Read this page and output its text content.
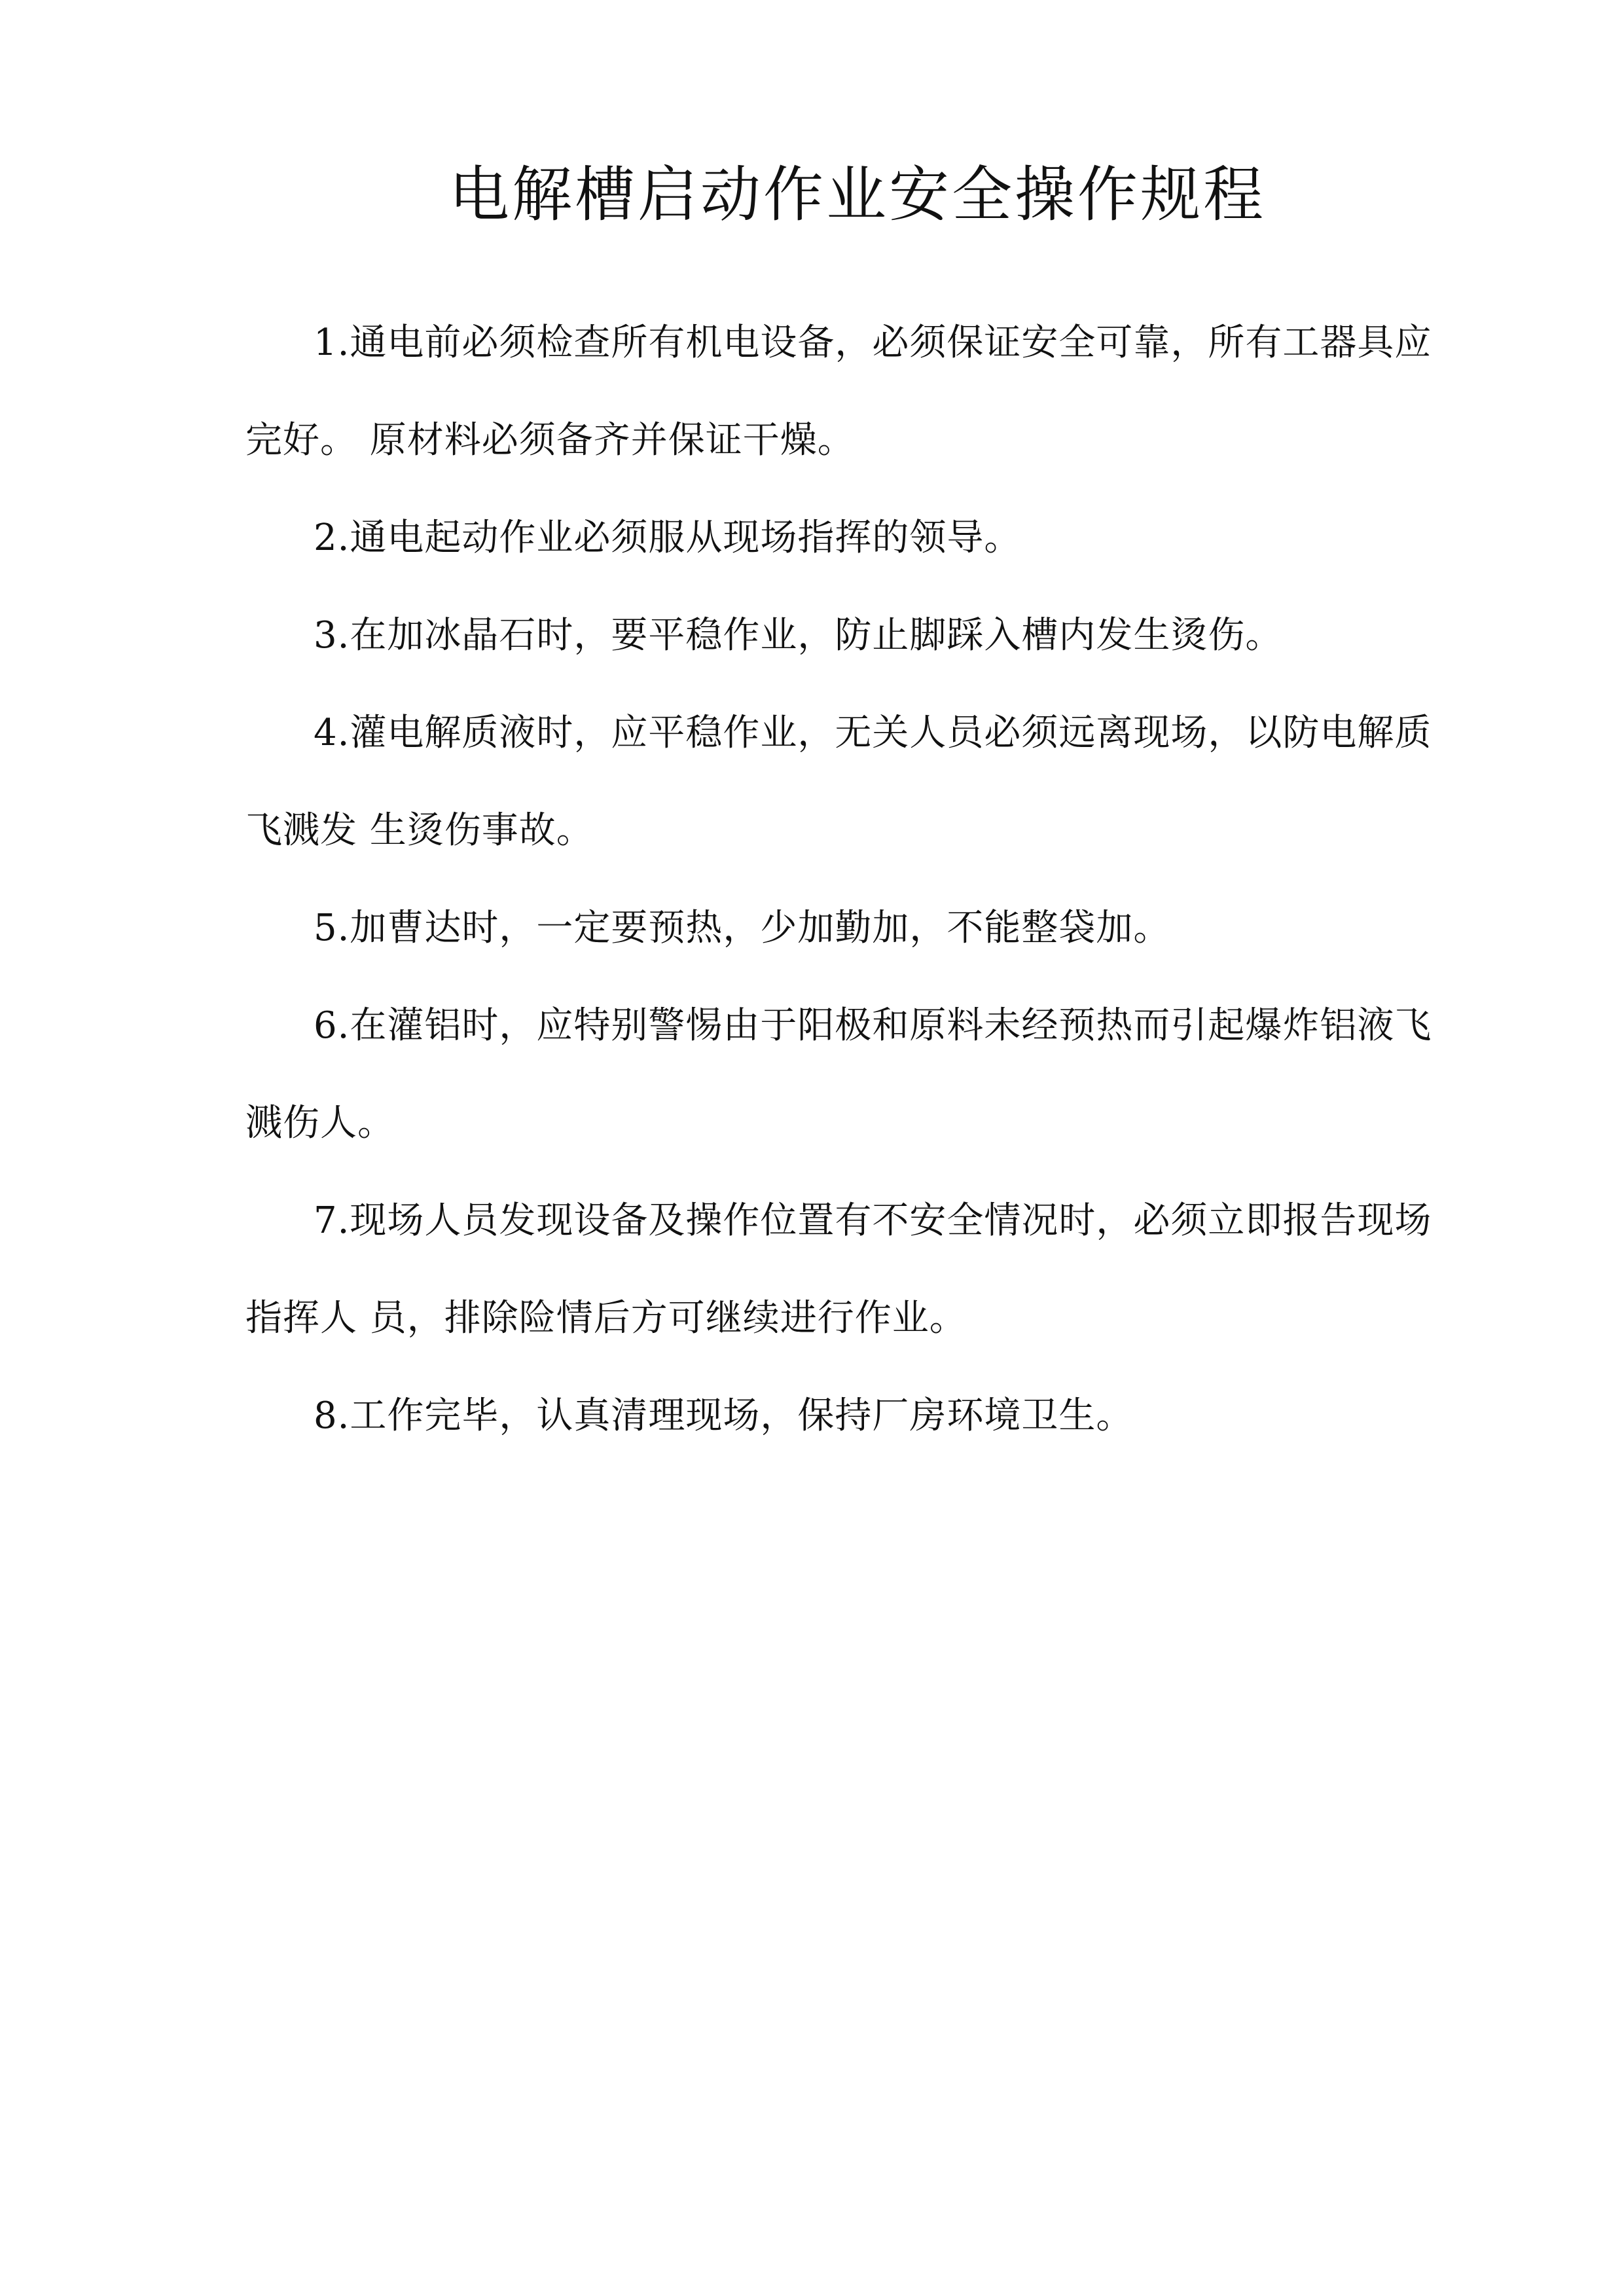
电解槽启动作业安全操作规程

1.通电前必须检查所有机电设备，必须保证安全可靠，所有工器具应

完好。 原材料必须备齐并保证干燥。

2.通电起动作业必须服从现场指挥的领导。

3.在加冰晶石时，要平稳作业，防止脚踩入槽内发生烫伤。

4.灌电解质液时，应平稳作业，无关人员必须远离现场，以防电解质

飞溅发 生烫伤事故。

5.加曹达时，一定要预热，少加勤加，不能整袋加。

6.在灌铝时，应特别警惕由于阳极和原料未经预热而引起爆炸铝液飞

溅伤人。

7.现场人员发现设备及操作位置有不安全情况时，必须立即报告现场

指挥人 员，排除险情后方可继续进行作业。

8.工作完毕，认真清理现场，保持厂房环境卫生。
